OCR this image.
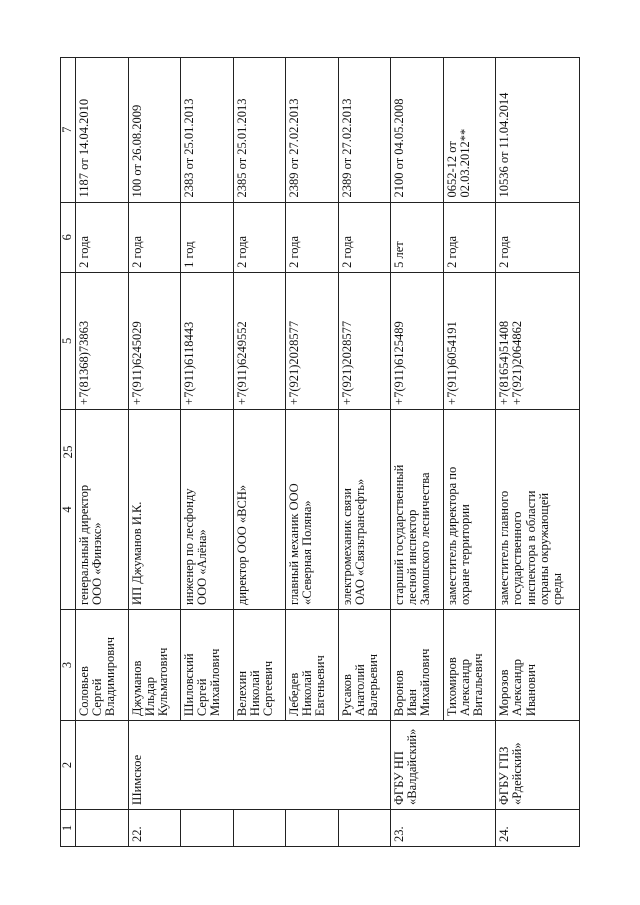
25
1	2	3	4	5	6	7
		Соловьев
Сергей
Владимирович	генеральный директор
ООО «Финэкс»	+7(81368)73863	2 года	1187 от 14.04.2010
22.	Шимское	Джуманов
Ильдар
Кульматович	ИП Джуманов И.К.	+7(911)6245029	2 года	100 от 26.08.2009
		Шиловский
Сергей
Михайлович	инженер по лесфонду
ООО «Алёна»	+7(911)6118443	1 год	2383 от 25.01.2013
		Велехин
Николай
Сергеевич	директор ООО «ВСН»	+7(911)6249552	2 года	2385 от 25.01.2013
		Лебедев
Николай
Евгеньевич	главный механик ООО
«Северная Поляна»	+7(921)2028577	2 года	2389 от 27.02.2013
		Русаков
Анатолий
Валерьевич	электромеханик связи
ОАО «Связьтрансефть»	+7(921)2028577	2 года	2389 от 27.02.2013
23.	ФГБУ НП
«Валдайский»	Воронов
Иван
Михайлович	старший государственный
лесной инспектор
Замошского лесничества	+7(911)6125489	5 лет	2100 от 04.05.2008
		Тихомиров
Александр
Витальевич	заместитель директора по
охране территории	+7(911)6054191	2 года	0652-12 от
02.03.2012**
24.	ФГБУ ГПЗ
«Рдейский»	Морозов
Александр
Иванович	заместитель главного
государственного
инспектора в области
охраны окружающей
среды	+7(81654)51408
+7(921)2064862	2 года	10536 от 11.04.2014
